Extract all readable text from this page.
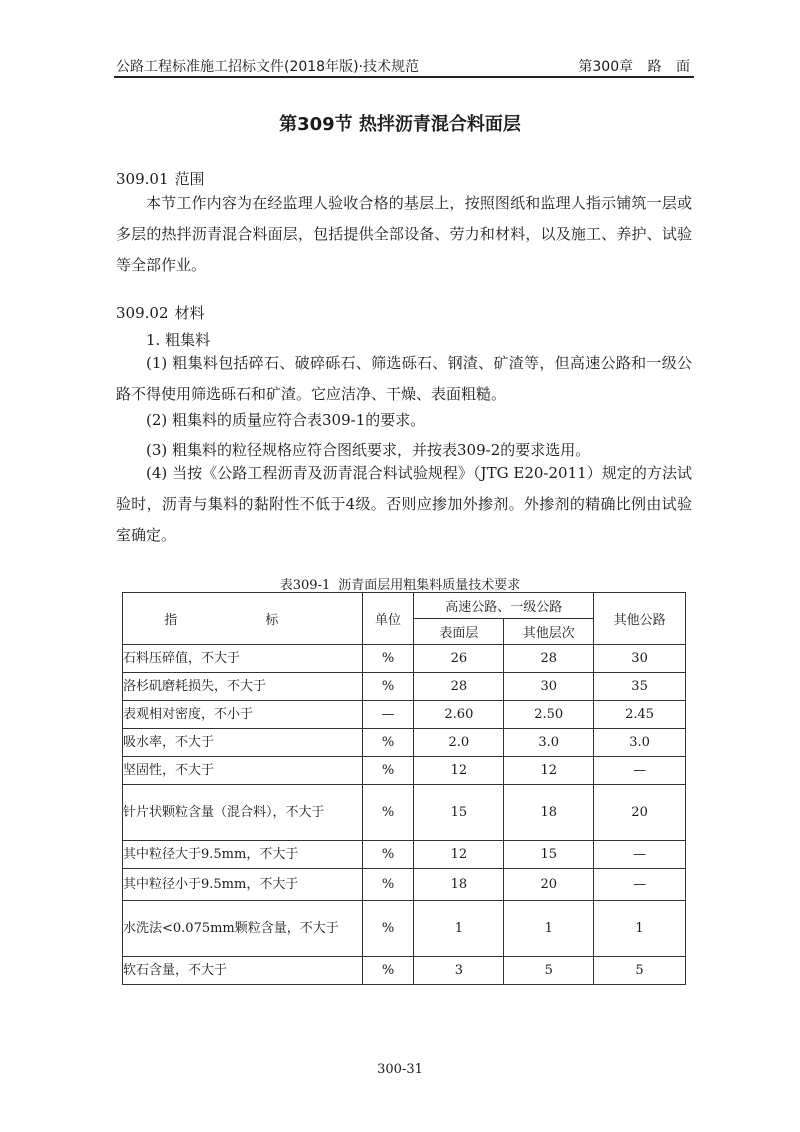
公路工程标准施工招标文件(2018年版)·技术规范	第300章 路 面
第309节 热拌沥青混合料面层
309.01 范围
本节工作内容为在经监理人验收合格的基层上，按照图纸和监理人指示铺筑一层或多层的热拌沥青混合料面层，包括提供全部设备、劳力和材料，以及施工、养护、试验等全部作业。
309.02 材料
1. 粗集料
(1) 粗集料包括碎石、破碎砾石、筛选砾石、钢渣、矿渣等，但高速公路和一级公路不得使用筛选砾石和矿渣。它应洁净、干燥、表面粗糙。
(2) 粗集料的质量应符合表309-1的要求。
(3) 粗集料的粒径规格应符合图纸要求，并按表309-2的要求选用。
(4) 当按《公路工程沥青及沥青混合料试验规程》（JTG E20-2011）规定的方法试验时，沥青与集料的黏附性不低于4级。否则应掺加外掺剂。外掺剂的精确比例由试验室确定。
表309-1 沥青面层用粗集料质量技术要求
指 标	单位	高速公路、一级公路		其他公路
		表面层	其他层次	
石料压碎值，不大于	%	26	28	30
洛杉矶磨耗损失，不大于	%	28	30	35
表观相对密度，不小于	—	2.60	2.50	2.45
吸水率，不大于	%	2.0	3.0	3.0
坚固性，不大于	%	12	12	—
针片状颗粒含量（混合料），不大于	%	15	18	20
其中粒径大于9.5mm，不大于	%	12	15	—
其中粒径小于9.5mm，不大于	%	18	20	—
水洗法<0.075mm颗粒含量，不大于	%	1	1	1
软石含量，不大于	%	3	5	5
300-31
